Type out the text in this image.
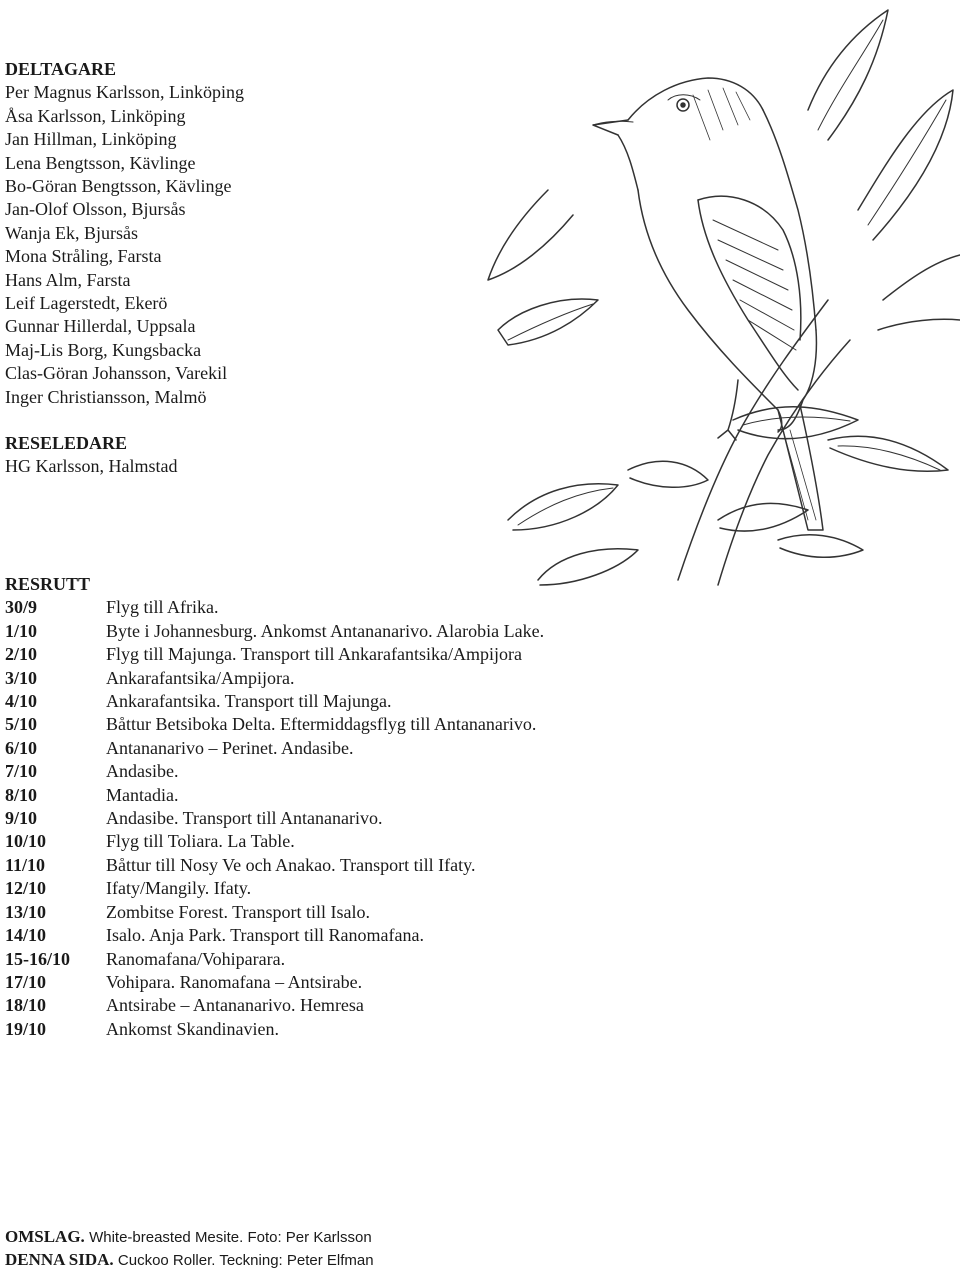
DELTAGARE
Per Magnus Karlsson, Linköping
Åsa Karlsson, Linköping
Jan Hillman, Linköping
Lena Bengtsson, Kävlinge
Bo-Göran Bengtsson, Kävlinge
Jan-Olof Olsson, Bjursås
Wanja Ek, Bjursås
Mona Stråling, Farsta
Hans Alm, Farsta
Leif Lagerstedt, Ekerö
Gunnar Hillerdal, Uppsala
Maj-Lis Borg, Kungsbacka
Clas-Göran Johansson, Varekil
Inger Christiansson, Malmö
RESELEDARE
HG Karlsson, Halmstad
RESRUTT
30/9	Flyg till Afrika.
1/10	Byte i Johannesburg. Ankomst Antananarivo. Alarobia Lake.
2/10	Flyg till Majunga. Transport till Ankarafantsika/Ampijora
3/10	Ankarafantsika/Ampijora.
4/10	Ankarafantsika. Transport till Majunga.
5/10	Båttur Betsiboka Delta. Eftermiddagsflyg till Antananarivo.
6/10	Antananarivo – Perinet. Andasibe.
7/10	Andasibe.
8/10	Mantadia.
9/10	Andasibe. Transport till Antananarivo.
10/10	Flyg till Toliara. La Table.
11/10	Båttur till Nosy Ve och Anakao. Transport till Ifaty.
12/10	Ifaty/Mangily. Ifaty.
13/10	Zombitse Forest. Transport till Isalo.
14/10	Isalo. Anja Park. Transport till Ranomafana.
15-16/10	Ranomafana/Vohiparara.
17/10	Vohipara. Ranomafana – Antsirabe.
18/10	Antsirabe – Antananarivo. Hemresa
19/10	Ankomst Skandinavien.
OMSLAG. White-breasted Mesite. Foto: Per Karlsson
DENNA SIDA. Cuckoo Roller. Teckning: Peter Elfman
